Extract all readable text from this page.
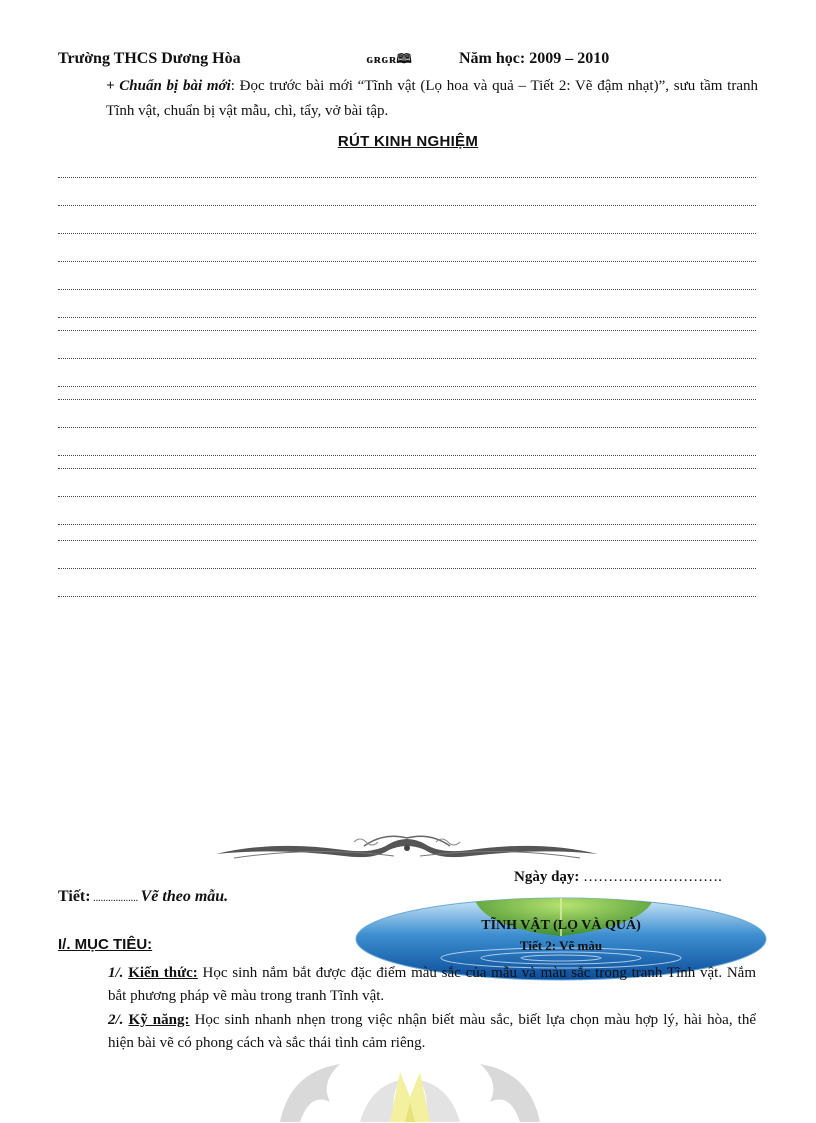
Trường THCS Dương Hòa	ɢʀɢʀ🕮	Năm học: 2009 – 2010
+ Chuẩn bị bài mới: Đọc trước bài mới “Tĩnh vật (Lọ hoa và quả – Tiết 2: Vẽ đậm nhạt)”, sưu tầm tranh Tĩnh vật, chuẩn bị vật mẫu, chì, tẩy, vở bài tập.
RÚT KINH NGHIỆM
Ngày dạy: ……………………….
Tiết: .................. Vẽ theo mẫu.
TĨNH VẬT (LỌ VÀ QUẢ)
Tiết 2: Vẽ màu
I/. MỤC TIÊU:
1/. Kiến thức: Học sinh nắm bắt được đặc điểm màu sắc của mẫu và màu sắc trong tranh Tĩnh vật. Nắm bắt phương pháp vẽ màu trong tranh Tĩnh vật.
2/. Kỹ năng: Học sinh nhanh nhẹn trong việc nhận biết màu sắc, biết lựa chọn màu hợp lý, hài hòa, thể hiện bài vẽ có phong cách và sắc thái tình cảm riêng.
